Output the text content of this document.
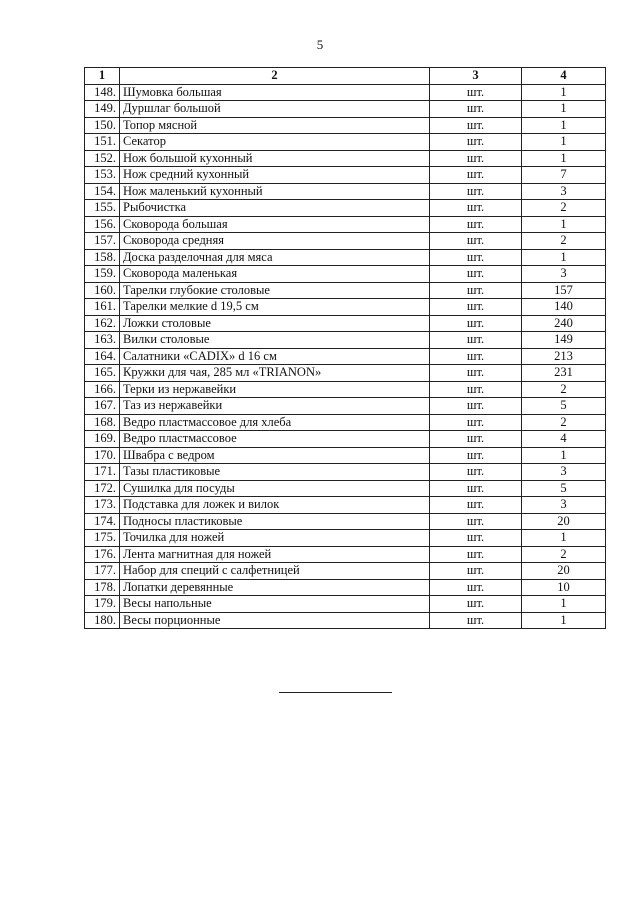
5
1	2	3	4
148.	Шумовка большая	шт.	1
149.	Дуршлаг большой	шт.	1
150.	Топор мясной	шт.	1
151.	Секатор	шт.	1
152.	Нож большой кухонный	шт.	1
153.	Нож средний кухонный	шт.	7
154.	Нож маленький кухонный	шт.	3
155.	Рыбочистка	шт.	2
156.	Сковорода большая	шт.	1
157.	Сковорода средняя	шт.	2
158.	Доска разделочная для мяса	шт.	1
159.	Сковорода маленькая	шт.	3
160.	Тарелки глубокие столовые	шт.	157
161.	Тарелки мелкие d 19,5 см	шт.	140
162.	Ложки столовые	шт.	240
163.	Вилки столовые	шт.	149
164.	Салатники «CADIX» d 16 см	шт.	213
165.	Кружки для чая, 285 мл «TRIANON»	шт.	231
166.	Терки из нержавейки	шт.	2
167.	Таз из нержавейки	шт.	5
168.	Ведро пластмассовое для хлеба	шт.	2
169.	Ведро пластмассовое	шт.	4
170.	Швабра с ведром	шт.	1
171.	Тазы пластиковые	шт.	3
172.	Сушилка для посуды	шт.	5
173.	Подставка для ложек и вилок	шт.	3
174.	Подносы пластиковые	шт.	20
175.	Точилка для ножей	шт.	1
176.	Лента магнитная для ножей	шт.	2
177.	Набор для специй с салфетницей	шт.	20
178.	Лопатки деревянные	шт.	10
179.	Весы напольные	шт.	1
180.	Весы порционные	шт.	1
